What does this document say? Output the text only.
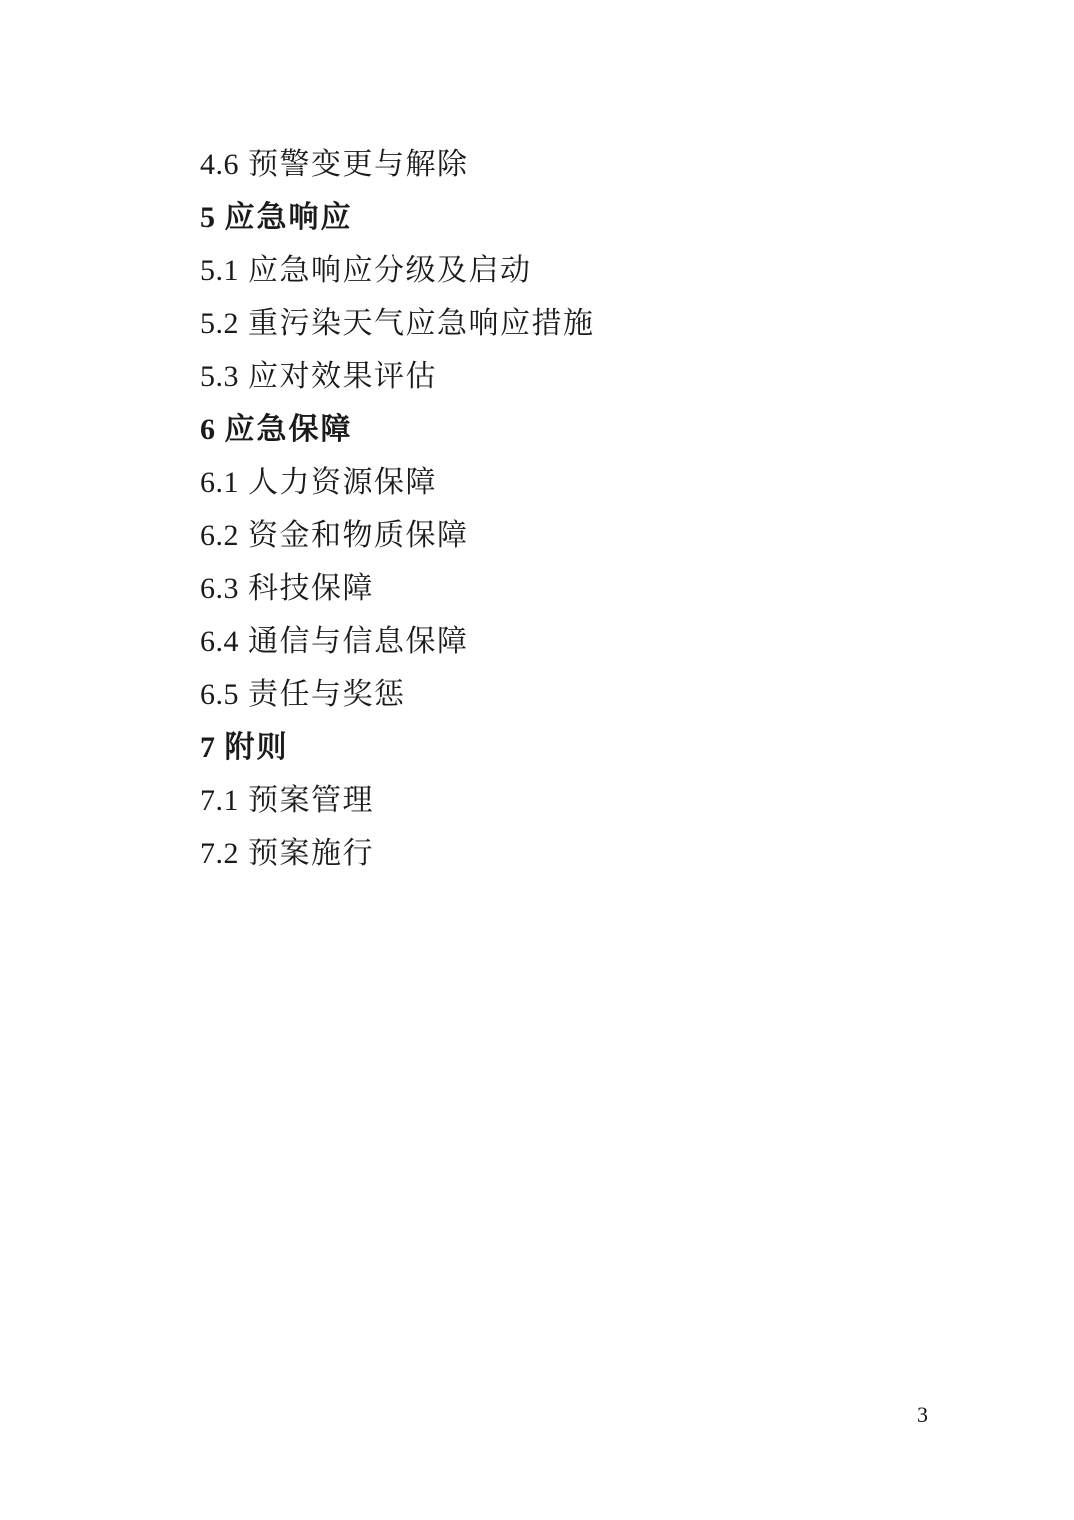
4.6 预警变更与解除
5 应急响应
5.1 应急响应分级及启动
5.2 重污染天气应急响应措施
5.3 应对效果评估
6 应急保障
6.1 人力资源保障
6.2 资金和物质保障
6.3 科技保障
6.4 通信与信息保障
6.5 责任与奖惩
7 附则
7.1 预案管理
7.2 预案施行
3
